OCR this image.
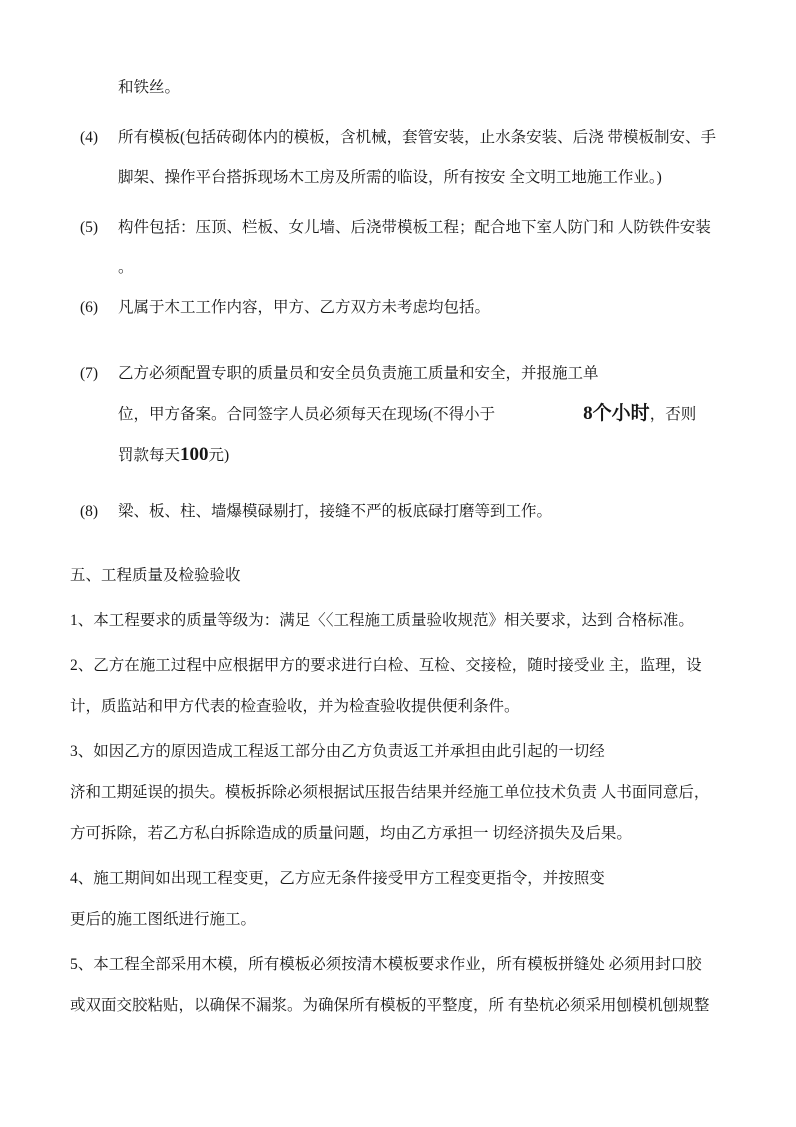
和铁丝。
(4)	所有模板(包括砖砌体内的模板，含机械，套管安装，止水条安装、后浇 带模板制安、手
脚架、操作平台搭拆现场木工房及所需的临设，所有按安 全文明工地施工作业。)
(5)	构件包括：压顶、栏板、女儿墙、后浇带模板工程；配合地下室人防门和 人防铁件安装
。
(6)	凡属于木工工作内容，甲方、乙方双方未考虑均包括。
(7)	乙方必须配置专职的质量员和安全员负责施工质量和安全，并报施工单
位，甲方备案。合同签字人员必须每天在现场(不得小于	8个小时，否则
罚款每天100元)
(8)	梁、板、柱、墙爆模碌剔打，接缝不严的板底碌打磨等到工作。
五、工程质量及检验验收
1、本工程要求的质量等级为：满足〈〈工程施工质量验收规范》相关要求，达到 合格标准。
2、乙方在施工过程中应根据甲方的要求进行白检、互检、交接检，随时接受业 主，监理，设
计，质监站和甲方代表的检查验收，并为检查验收提供便利条件。
3、如因乙方的原因造成工程返工部分由乙方负责返工并承担由此引起的一切经
济和工期延误的损失。模板拆除必须根据试压报告结果并经施工单位技术负责 人书面同意后，
方可拆除，若乙方私白拆除造成的质量问题，均由乙方承担一 切经济损失及后果。
4、施工期间如出现工程变更，乙方应无条件接受甲方工程变更指令，并按照变
更后的施工图纸进行施工。
5、本工程全部采用木模，所有模板必须按清木模板要求作业，所有模板拼缝处 必须用封口胶
或双面交胶粘贴，以确保不漏浆。为确保所有模板的平整度，所 有垫杭必须采用刨模机刨规整
